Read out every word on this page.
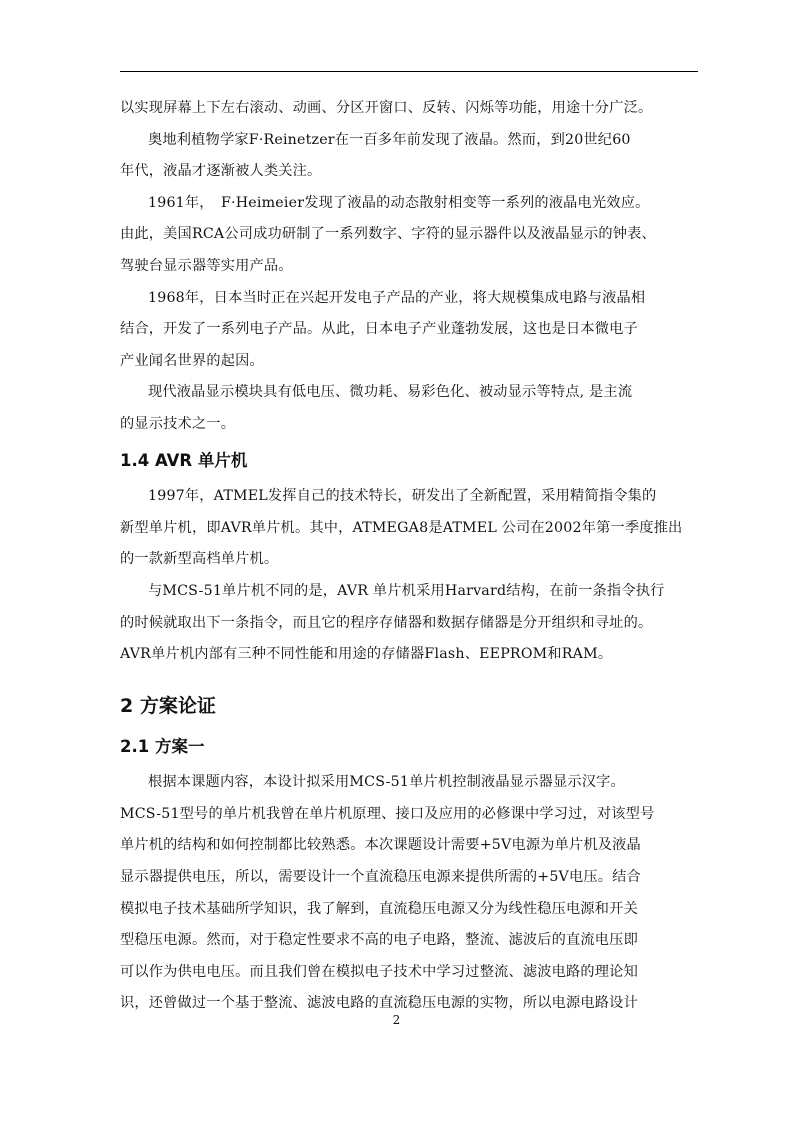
以实现屏幕上下左右滚动、动画、分区开窗口、反转、闪烁等功能，用途十分广泛。
奥地利植物学家F·Reinetzer在一百多年前发现了液晶。然而，到20世纪60
年代，液晶才逐渐被人类关注。
1961年，　F·Heimeier发现了液晶的动态散射相变等一系列的液晶电光效应。
由此，美国RCA公司成功研制了一系列数字、字符的显示器件以及液晶显示的钟表、
驾驶台显示器等实用产品。
1968年，日本当时正在兴起开发电子产品的产业，将大规模集成电路与液晶相
结合，开发了一系列电子产品。从此，日本电子产业蓬勃发展，这也是日本微电子
产业闻名世界的起因。
现代液晶显示模块具有低电压、微功耗、易彩色化、被动显示等特点, 是主流
的显示技术之一。
1.4 AVR 单片机
1997年，ATMEL发挥自己的技术特长，研发出了全新配置，采用精简指令集的
新型单片机，即AVR单片机。其中，ATMEGA8是ATMEL 公司在2002年第一季度推出
的一款新型高档单片机。
与MCS-51单片机不同的是，AVR 单片机采用Harvard结构，在前一条指令执行
的时候就取出下一条指令，而且它的程序存储器和数据存储器是分开组织和寻址的。
AVR单片机内部有三种不同性能和用途的存储器Flash、EEPROM和RAM。
2 方案论证
2.1 方案一
根据本课题内容，本设计拟采用MCS-51单片机控制液晶显示器显示汉字。
MCS-51型号的单片机我曾在单片机原理、接口及应用的必修课中学习过，对该型号
单片机的结构和如何控制都比较熟悉。本次课题设计需要+5V电源为单片机及液晶
显示器提供电压，所以，需要设计一个直流稳压电源来提供所需的+5V电压。结合
模拟电子技术基础所学知识，我了解到，直流稳压电源又分为线性稳压电源和开关
型稳压电源。然而，对于稳定性要求不高的电子电路，整流、滤波后的直流电压即
可以作为供电电压。而且我们曾在模拟电子技术中学习过整流、滤波电路的理论知
识，还曾做过一个基于整流、滤波电路的直流稳压电源的实物，所以电源电路设计
2
